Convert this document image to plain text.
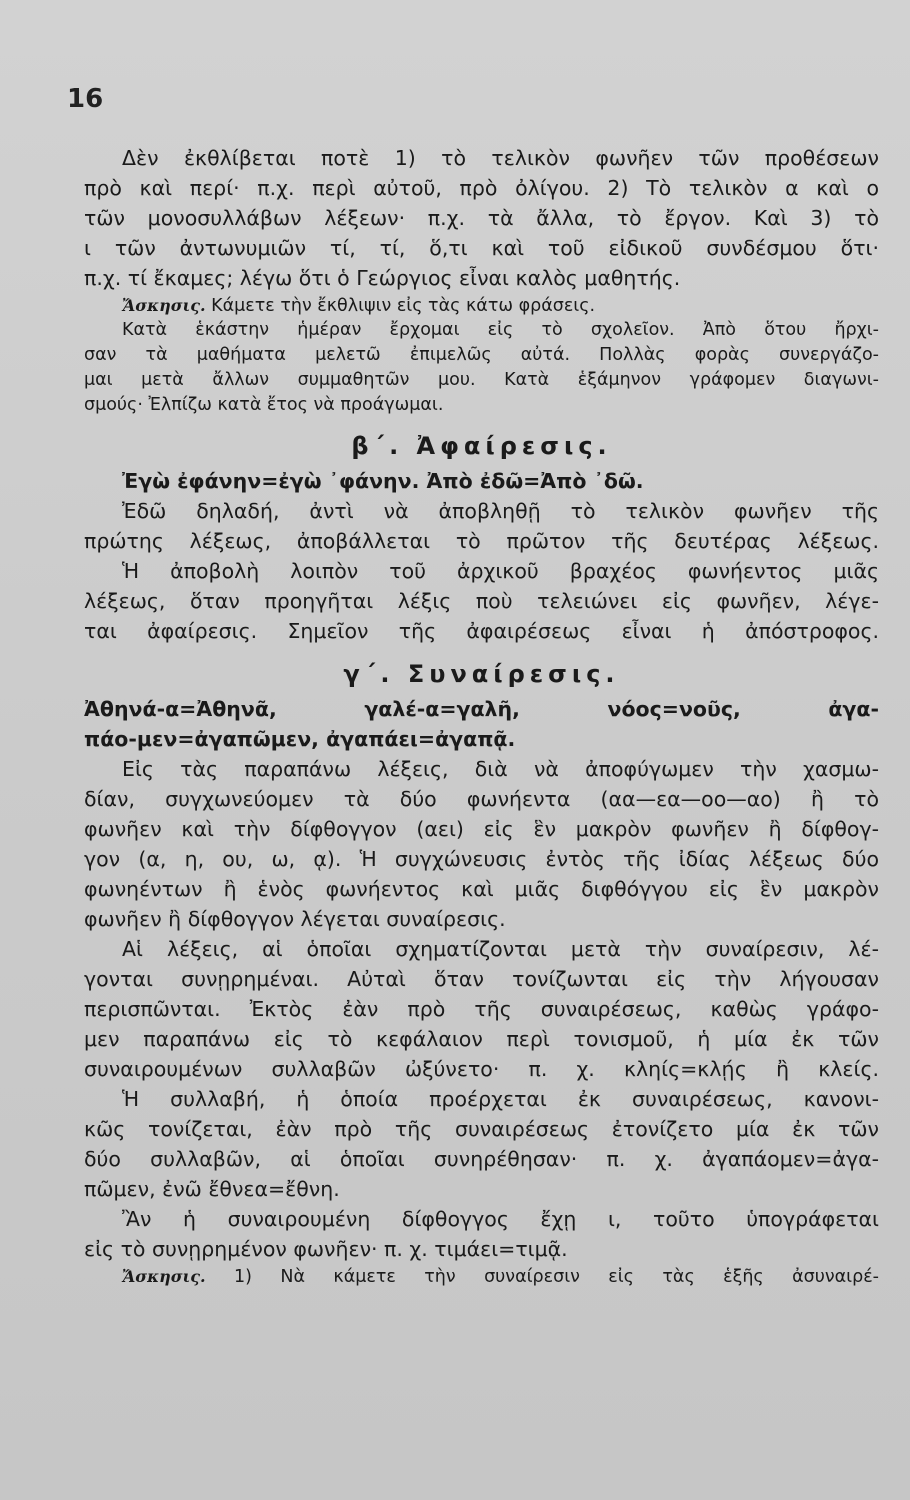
16
Δὲν ἐκθλίβεται ποτὲ 1) τὸ τελικὸν φωνῆεν τῶν προθέσεων
πρὸ καὶ περί· π.χ. περὶ αὐτοῦ, πρὸ ὀλίγου. 2) Τὸ τελικὸν α καὶ ο
τῶν μονοσυλλάβων λέξεων· π.χ. τὰ ἄλλα, τὸ ἔργον. Καὶ 3) τὸ
ι τῶν ἀντωνυμιῶν τί, τί, ὅ,τι καὶ τοῦ εἰδικοῦ συνδέσμου ὅτι·
π.χ. τί ἔκαμες; λέγω ὅτι ὁ Γεώργιος εἶναι καλὸς μαθητής.
Ἄσκησις. Κάμετε τὴν ἔκθλιψιν εἰς τὰς κάτω φράσεις.
Κατὰ ἑκάστην ἡμέραν ἔρχομαι εἰς τὸ σχολεῖον. Ἀπὸ ὅτου ἤρχι-
σαν τὰ μαθήματα μελετῶ ἐπιμελῶς αὐτά. Πολλὰς φορὰς συνεργάζο-
μαι μετὰ ἄλλων συμμαθητῶν μου. Κατὰ ἑξάμηνον γράφομεν διαγωνι-
σμούς· Ἐλπίζω κατὰ ἔτος νὰ προάγωμαι.
β΄. Ἀφαίρεσις.
Ἐγὼ ἐφάνην=ἐγὼ ᾿φάνην. Ἀπὸ ἐδῶ=Ἀπὸ ᾿δῶ.
Ἐδῶ δηλαδή, ἀντὶ νὰ ἀποβληθῇ τὸ τελικὸν φωνῆεν τῆς
πρώτης λέξεως, ἀποβάλλεται τὸ πρῶτον τῆς δευτέρας λέξεως.
Ἡ ἀποβολὴ λοιπὸν τοῦ ἀρχικοῦ βραχέος φωνήεντος μιᾶς
λέξεως, ὅταν προηγῆται λέξις ποὺ τελειώνει εἰς φωνῆεν, λέγε-
ται ἀφαίρεσις. Σημεῖον τῆς ἀφαιρέσεως εἶναι ἡ ἀπόστροφος.
γ΄. Συναίρεσις.
Ἀθηνά-α=Ἀθηνᾶ, γαλέ-α=γαλῆ, νόος=νοῦς, ἀγα-
πάο-μεν=ἀγαπῶμεν, ἀγαπάει=ἀγαπᾷ.
Εἰς τὰς παραπάνω λέξεις, διὰ νὰ ἀποφύγωμεν τὴν χασμω-
δίαν, συγχωνεύομεν τὰ δύο φωνήεντα (αα—εα—οο—αο) ἢ τὸ
φωνῆεν καὶ τὴν δίφθογγον (αει) εἰς ἓν μακρὸν φωνῆεν ἢ δίφθογ-
γον (α, η, ου, ω, ᾳ). Ἡ συγχώνευσις ἐντὸς τῆς ἰδίας λέξεως δύο
φωνηέντων ἢ ἑνὸς φωνήεντος καὶ μιᾶς διφθόγγου εἰς ἓν μακρὸν
φωνῆεν ἢ δίφθογγον λέγεται συναίρεσις.
Αἱ λέξεις, αἱ ὁποῖαι σχηματίζονται μετὰ τὴν συναίρεσιν, λέ-
γονται συνῃρημέναι. Αὐταὶ ὅταν τονίζωνται εἰς τὴν λήγουσαν
περισπῶνται. Ἐκτὸς ἐὰν πρὸ τῆς συναιρέσεως, καθὼς γράφο-
μεν παραπάνω εἰς τὸ κεφάλαιον περὶ τονισμοῦ, ἡ μία ἐκ τῶν
συναιρουμένων συλλαβῶν ὠξύνετο· π. χ. κληίς=κλῄς ἢ κλείς.
Ἡ συλλαβή, ἡ ὁποία προέρχεται ἐκ συναιρέσεως, κανονι-
κῶς τονίζεται, ἐὰν πρὸ τῆς συναιρέσεως ἐτονίζετο μία ἐκ τῶν
δύο συλλαβῶν, αἱ ὁποῖαι συνηρέθησαν· π. χ. ἀγαπάομεν=ἀγα-
πῶμεν, ἐνῶ ἔθνεα=ἔθνη.
Ἂν ἡ συναιρουμένη δίφθογγος ἔχῃ ι, τοῦτο ὑπογράφεται
εἰς τὸ συνῃρημένον φωνῆεν· π. χ. τιμάει=τιμᾷ.
Ἄσκησις. 1) Νὰ κάμετε τὴν συναίρεσιν εἰς τὰς ἑξῆς ἀσυναιρέ-
